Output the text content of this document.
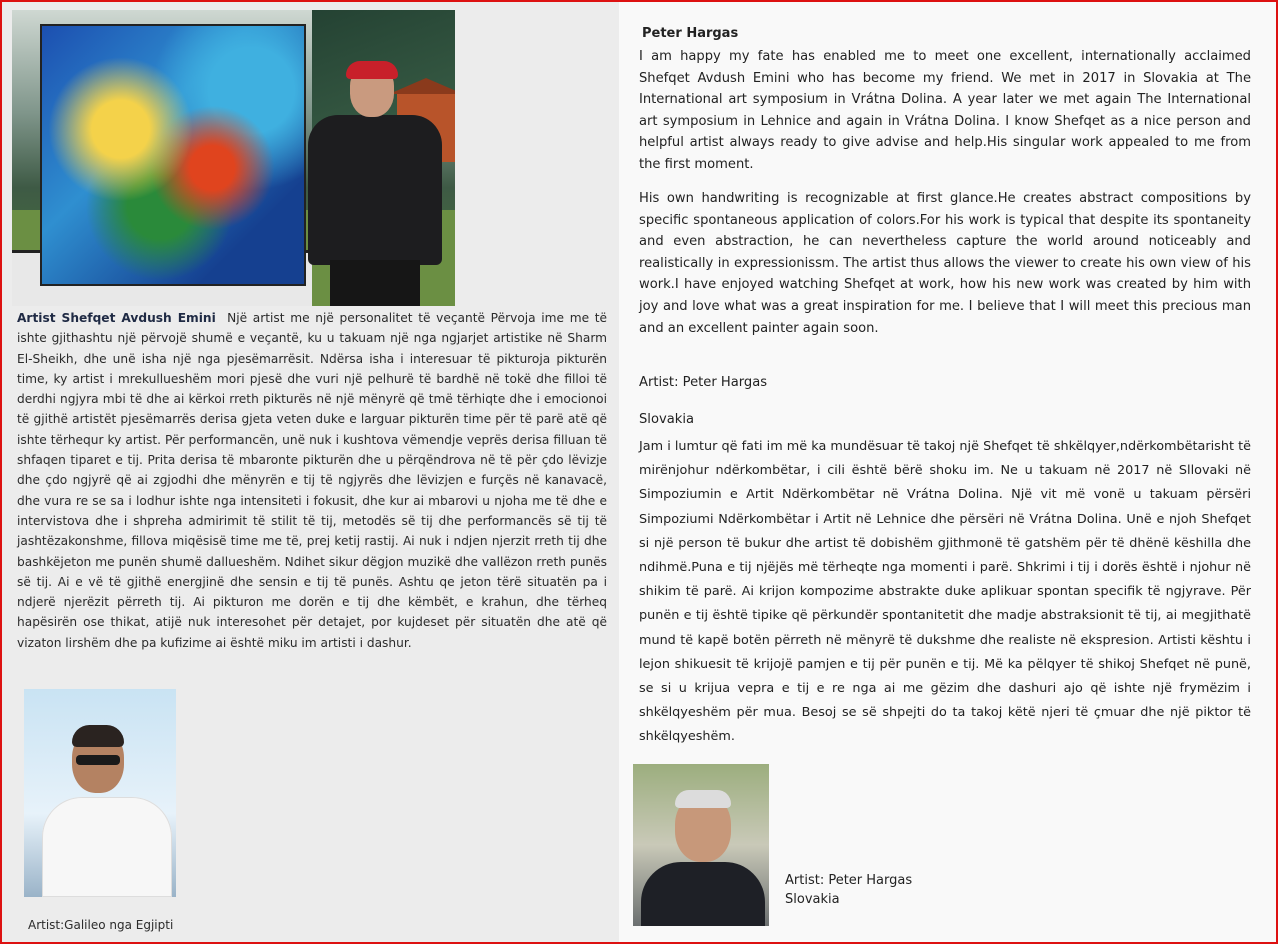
Artist Shefqet Avdush Emini Një artist me një personalitet të veçantë Përvoja ime me të ishte gjithashtu një përvojë shumë e veçantë, ku u takuam një nga ngjarjet artistike në Sharm El-Sheikh, dhe unë isha një nga pjesëmarrësit. Ndërsa isha i interesuar të pikturoja pikturën time, ky artist i mrekullueshëm mori pjesë dhe vuri një pelhurë të bardhë në tokë dhe filloi të derdhi ngjyra mbi të dhe ai kërkoi rreth pikturës në një mënyrë që tmë tërhiqte dhe i emocionoi të gjithë artistët pjesëmarrës derisa gjeta veten duke e larguar pikturën time për të parë atë që ishte tërhequr ky artist. Për performancën, unë nuk i kushtova vëmendje veprës derisa filluan të shfaqen tiparet e tij. Prita derisa të mbaronte pikturën dhe u përqëndrova në të për çdo lëvizje dhe çdo ngjyrë që ai zgjodhi dhe mënyrën e tij të ngjyrës dhe lëvizjen e furçës në kanavacë, dhe vura re se sa i lodhur ishte nga intensiteti i fokusit, dhe kur ai mbarovi u njoha me të dhe e intervistova dhe i shpreha admirimit të stilit të tij, metodës së tij dhe performancës së tij të jashtëzakonshme, fillova miqësisë time me të, prej ketij rastij. Ai nuk i ndjen njerzit rreth tij dhe bashkëjeton me punën shumë dallueshëm. Ndihet sikur dëgjon muzikë dhe vallëzon rreth punës së tij. Ai e vë të gjithë energjinë dhe sensin e tij të punës. Ashtu qe jeton tërë situatën pa i ndjerë njerëzit përreth tij. Ai pikturon me dorën e tij dhe këmbët, e krahun, dhe tërheq hapësirën ose thikat, atijë nuk interesohet për detajet, por kujdeset për situatën dhe atë që vizaton lirshëm dhe pa kufizime ai është miku im artisti i dashur.
Artist:Galileo nga Egjipti
Peter Hargas
I am happy my fate has enabled me to meet one excellent, internationally acclaimed Shefqet Avdush Emini who has become my friend. We met in 2017 in Slovakia at The International art symposium in Vrátna Dolina. A year later we met again The International art symposium in Lehnice and again in Vrátna Dolina. I know Shefqet as a nice person and helpful artist always ready to give advise and help.His singular work appealed to me from the first moment.
His own handwriting is recognizable at first glance.He creates abstract compositions by specific spontaneous application of colors.For his work is typical that despite its spontaneity and even abstraction, he can nevertheless capture the world around noticeably and realistically in expressionissm. The artist thus allows the viewer to create his own view of his work.I have enjoyed watching Shefqet at work, how his new work was created by him with joy and love what was a great inspiration for me. I believe that I will meet this precious man and an excellent painter again soon.
Artist: Peter Hargas
Slovakia
Jam i lumtur që fati im më ka mundësuar të takoj një Shefqet të shkëlqyer,ndërkombëtarisht të mirënjohur ndërkombëtar, i cili është bërë shoku im. Ne u takuam në 2017 në Sllovaki në Simpoziumin e Artit Ndërkombëtar në Vrátna Dolina. Një vit më vonë u takuam përsëri Simpoziumi Ndërkombëtar i Artit në Lehnice dhe përsëri në Vrátna Dolina. Unë e njoh Shefqet si një person të bukur dhe artist të dobishëm gjithmonë të gatshëm për të dhënë këshilla dhe ndihmë.Puna e tij njëjës më tërheqte nga momenti i parë. Shkrimi i tij i dorës është i njohur në shikim të parë. Ai krijon kompozime abstrakte duke aplikuar spontan specifik të ngjyrave. Për punën e tij është tipike që përkundër spontanitetit dhe madje abstraksionit të tij, ai megjithatë mund të kapë botën përreth në mënyrë të dukshme dhe realiste në ekspresion. Artisti kështu i lejon shikuesit të krijojë pamjen e tij për punën e tij. Më ka pëlqyer të shikoj Shefqet në punë, se si u krijua vepra e tij e re nga ai me gëzim dhe dashuri ajo që ishte një frymëzim i shkëlqyeshëm për mua. Besoj se së shpejti do ta takoj këtë njeri të çmuar dhe një piktor të shkëlqyeshëm.
Artist: Peter Hargas
Slovakia
